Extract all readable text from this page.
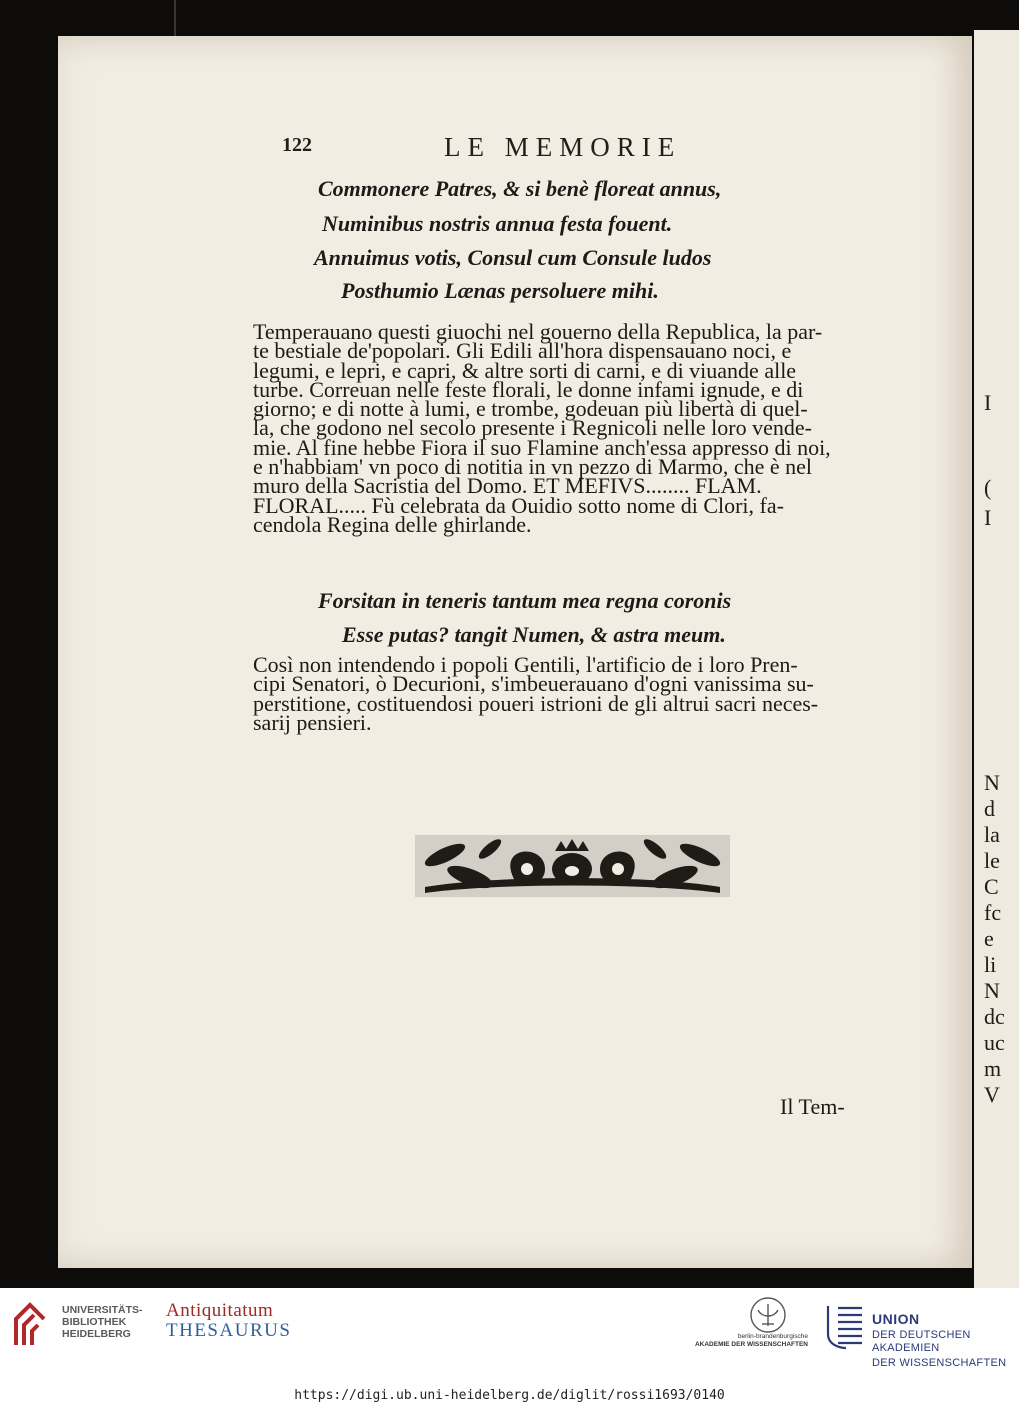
I
(
I
N
d
la
le
C
fc
e
li
N
dc
uc
m
V
122	LE MEMORIE
Commonere Patres, & si benè floreat annus,
Numinibus nostris annua festa fouent.
Annuimus votis, Consul cum Consule ludos
Posthumio Lænas persoluere mihi.
Temperauano questi giuochi nel gouerno della Republica, la par-
te bestiale de'popolari. Gli Edili all'hora dispensauano noci, e
legumi, e lepri, e capri, & altre sorti di carni, e di viuande alle
turbe. Correuan nelle feste florali, le donne infami ignude, e di
giorno; e di notte à lumi, e trombe, godeuan più libertà di quel-
la, che godono nel secolo presente i Regnicoli nelle loro vende-
mie. Al fine hebbe Fiora il suo Flamine anch'essa appresso di noi,
e n'habbiam' vn poco di notitia in vn pezzo di Marmo, che è nel
muro della Sacristia del Domo. ET MEFIVS........ FLAM.
FLORAL..... Fù celebrata da Ouidio sotto nome di Clori, fa-
cendola Regina delle ghirlande.
Forsitan in teneris tantum mea regna coronis
Esse putas? tangit Numen, & astra meum.
Così non intendendo i popoli Gentili, l'artificio de i loro Pren-
cipi Senatori, ò Decurioni, s'imbeuerauano d'ogni vanissima su-
perstitione, costituendosi poueri istrioni de gli altrui sacri neces-
sarij pensieri.
Il Tem-
UNIVERSITÄTS-
BIBLIOTHEK
HEIDELBERG
Antiquitatum
THESAURUS	berlin-brandenburgische
AKADEMIE DER WISSENSCHAFTEN
UNION
DER DEUTSCHEN AKADEMIEN
DER WISSENSCHAFTEN
https://digi.ub.uni-heidelberg.de/diglit/rossi1693/0140
